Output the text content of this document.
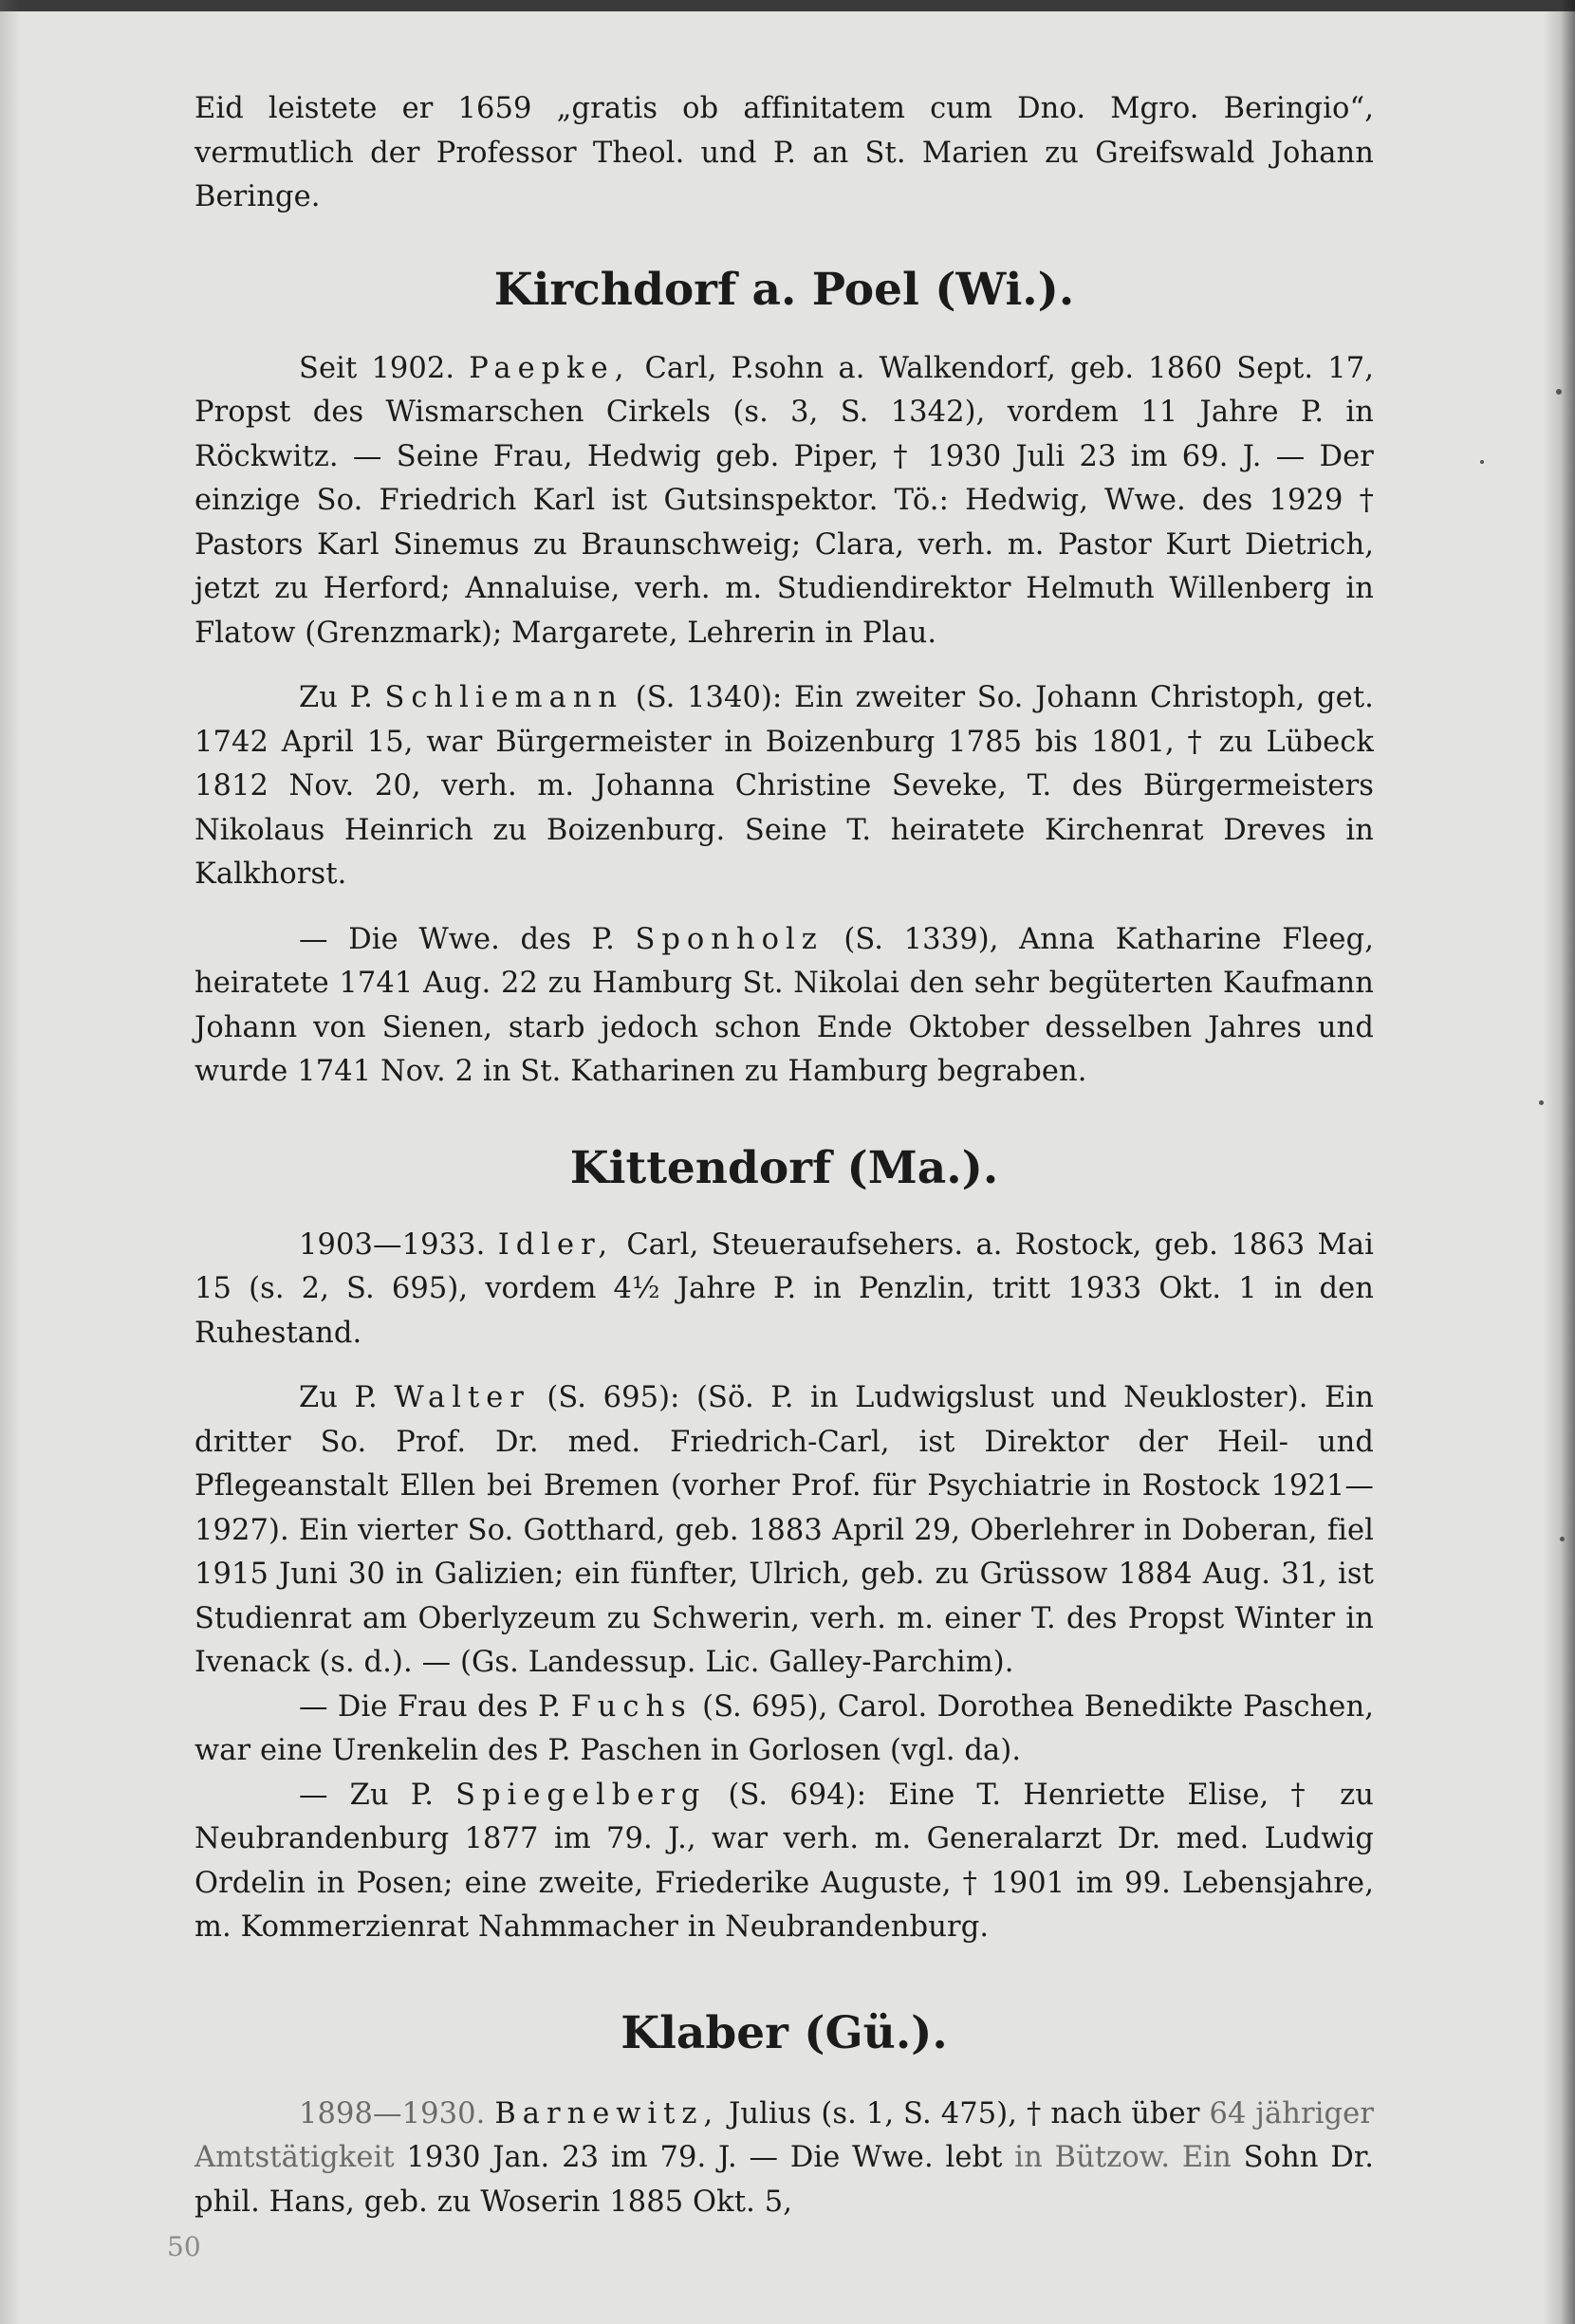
Eid leistete er 1659 „gratis ob affinitatem cum Dno. Mgro. Beringio“, vermutlich der Professor Theol. und P. an St. Marien zu Greifswald Johann Beringe.

Kirchdorf a. Poel (Wi.).

Seit 1902. Paepke, Carl, P.sohn a. Walkendorf, geb. 1860 Sept. 17, Propst des Wismarschen Cirkels (s. 3, S. 1342), vordem 11 Jahre P. in Röckwitz. — Seine Frau, Hedwig geb. Piper, † 1930 Juli 23 im 69. J. — Der einzige So. Friedrich Karl ist Gutsinspektor. Tö.: Hedwig, Wwe. des 1929 † Pastors Karl Sinemus zu Braunschweig; Clara, verh. m. Pastor Kurt Dietrich, jetzt zu Herford; Annaluise, verh. m. Studiendirektor Helmuth Willenberg in Flatow (Grenzmark); Margarete, Lehrerin in Plau.

Zu P. Schliemann (S. 1340): Ein zweiter So. Johann Christoph, get. 1742 April 15, war Bürgermeister in Boizenburg 1785 bis 1801, † zu Lübeck 1812 Nov. 20, verh. m. Johanna Christine Seveke, T. des Bürgermeisters Nikolaus Heinrich zu Boizenburg. Seine T. heiratete Kirchenrat Dreves in Kalkhorst.

— Die Wwe. des P. Sponholz (S. 1339), Anna Katharine Fleeg, heiratete 1741 Aug. 22 zu Hamburg St. Nikolai den sehr begüterten Kaufmann Johann von Sienen, starb jedoch schon Ende Oktober desselben Jahres und wurde 1741 Nov. 2 in St. Katharinen zu Hamburg begraben.

Kittendorf (Ma.).

1903—1933. Idler, Carl, Steueraufsehers. a. Rostock, geb. 1863 Mai 15 (s. 2, S. 695), vordem 4½ Jahre P. in Penzlin, tritt 1933 Okt. 1 in den Ruhestand.

Zu P. Walter (S. 695): (Sö. P. in Ludwigslust und Neukloster). Ein dritter So. Prof. Dr. med. Friedrich-Carl, ist Direktor der Heil- und Pflegeanstalt Ellen bei Bremen (vorher Prof. für Psychiatrie in Rostock 1921—1927). Ein vierter So. Gotthard, geb. 1883 April 29, Oberlehrer in Doberan, fiel 1915 Juni 30 in Galizien; ein fünfter, Ulrich, geb. zu Grüssow 1884 Aug. 31, ist Studienrat am Oberlyzeum zu Schwerin, verh. m. einer T. des Propst Winter in Ivenack (s. d.). — (Gs. Landessup. Lic. Galley-Parchim).

— Die Frau des P. Fuchs (S. 695), Carol. Dorothea Benedikte Paschen, war eine Urenkelin des P. Paschen in Gorlosen (vgl. da).

— Zu P. Spiegelberg (S. 694): Eine T. Henriette Elise, † zu Neubrandenburg 1877 im 79. J., war verh. m. Generalarzt Dr. med. Ludwig Ordelin in Posen; eine zweite, Friederike Auguste, † 1901 im 99. Lebensjahre, m. Kommerzienrat Nahmmacher in Neubrandenburg.

Klaber (Gü.).

1898—1930. Barnewitz, Julius (s. 1, S. 475), † nach über 64 jähriger Amtstätigkeit 1930 Jan. 23 im 79. J. — Die Wwe. lebt in Bützow. Ein Sohn Dr. phil. Hans, geb. zu Woserin 1885 Okt. 5,

50
